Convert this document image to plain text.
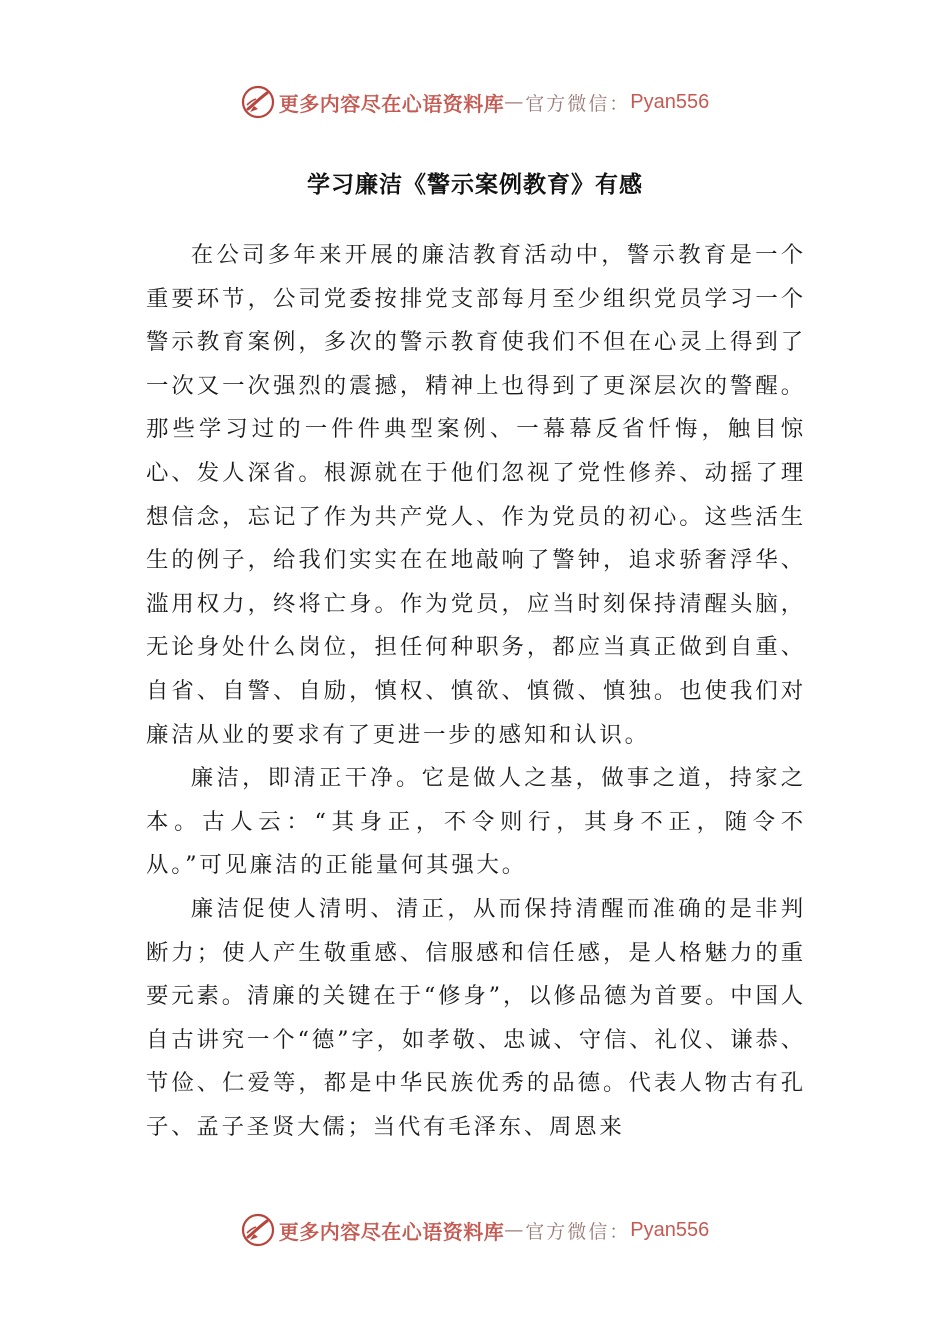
更多内容尽在心语资料库 — 官方微信： Pyan556
学习廉洁《警示案例教育》有感

在公司多年来开展的廉洁教育活动中，警示教育是一个重要环节，公司党委按排党支部每月至少组织党员学习一个警示教育案例，多次的警示教育使我们不但在心灵上得到了一次又一次强烈的震撼，精神上也得到了更深层次的警醒。那些学习过的一件件典型案例、一幕幕反省忏悔，触目惊心、发人深省。根源就在于他们忽视了党性修养、动摇了理想信念，忘记了作为共产党人、作为党员的初心。这些活生生的例子，给我们实实在在地敲响了警钟，追求骄奢浮华、滥用权力，终将亡身。作为党员，应当时刻保持清醒头脑，无论身处什么岗位，担任何种职务，都应当真正做到自重、自省、自警、自励，慎权、慎欲、慎微、慎独。也使我们对廉洁从业的要求有了更进一步的感知和认识。

廉洁，即清正干净。它是做人之基，做事之道，持家之本。古人云：“其身正，不令则行，其身不正，随令不从。”可见廉洁的正能量何其强大。

廉洁促使人清明、清正，从而保持清醒而准确的是非判断力；使人产生敬重感、信服感和信任感，是人格魅力的重要元素。清廉的关键在于“修身”，以修品德为首要。中国人自古讲究一个“德”字，如孝敬、忠诚、守信、礼仪、谦恭、节俭、仁爱等，都是中华民族优秀的品德。代表人物古有孔子、孟子圣贤大儒；当代有毛泽东、周恩来

更多内容尽在心语资料库 — 官方微信： Pyan556
